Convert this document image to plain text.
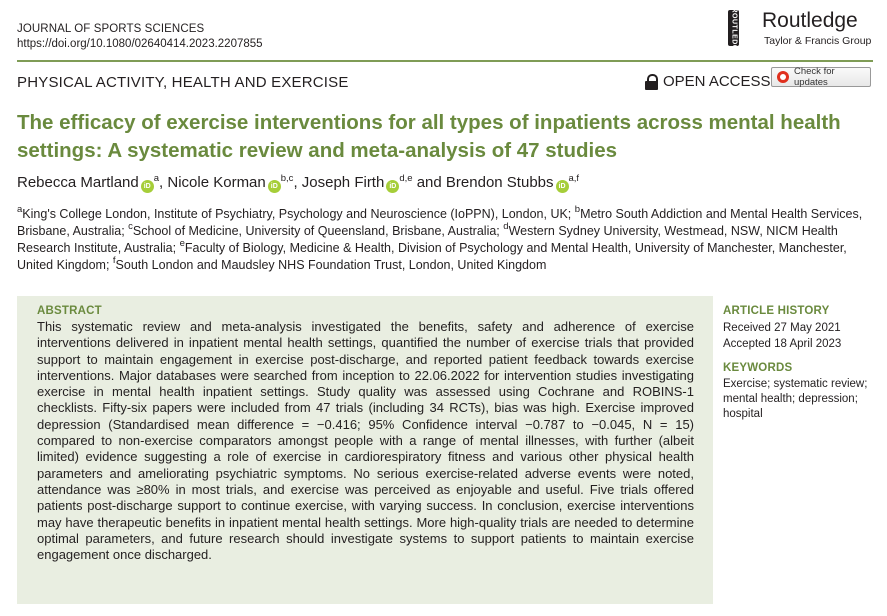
JOURNAL OF SPORTS SCIENCES
https://doi.org/10.1080/02640414.2023.2207855	ROUTLEDGE Routledge
Taylor & Francis Group
PHYSICAL ACTIVITY, HEALTH AND EXERCISE	OPEN ACCESS
Check for updates
The efficacy of exercise interventions for all types of inpatients across mental health settings: A systematic review and meta-analysis of 47 studies
Rebecca Martland $iD^a$, Nicole Korman iD$^{b,c}$, Joseph Firth iD$^{d,e}$ and Brendon Stubbs iD$^{a,f}$
$^a$King's College London, Institute of Psychiatry, Psychology and Neuroscience (IoPPN), London, UK; $^b$Metro South Addiction and Mental Health Services, Brisbane, Australia; $^c$School of Medicine, University of Queensland, Brisbane, Australia; $^d$Western Sydney University, Westmead, NSW, NICM Health Research Institute, Australia; $^e$Faculty of Biology, Medicine & Health, Division of Psychology and Mental Health, University of Manchester, Manchester, United Kingdom; $^f$South London and Maudsley NHS Foundation Trust, London, United Kingdom
ABSTRACT
This systematic review and meta-analysis investigated the benefits, safety and adherence of exercise interventions delivered in inpatient mental health settings, quantified the number of exercise trials that provided support to maintain engagement in exercise post-discharge, and reported patient feedback towards exercise interventions. Major databases were searched from inception to 22.06.2022 for intervention studies investigating exercise in mental health inpatient settings. Study quality was assessed using Cochrane and ROBINS-1 checklists. Fifty-six papers were included from 47 trials (including 34 RCTs), bias was high. Exercise improved depression (Standardised mean difference = −0.416; 95% Confidence interval −0.787 to −0.045, N = 15) compared to non-exercise comparators amongst people with a range of mental illnesses, with further (albeit limited) evidence suggesting a role of exercise in cardiorespiratory fitness and various other physical health parameters and ameliorating psychiatric symptoms. No serious exercise-related adverse events were noted, attendance was ≥80% in most trials, and exercise was perceived as enjoyable and useful. Five trials offered patients post-discharge support to continue exercise, with varying success. In conclusion, exercise interventions may have therapeutic benefits in inpatient mental health settings. More high-quality trials are needed to determine optimal parameters, and future research should investigate systems to support patients to maintain exercise engagement once discharged.
ARTICLE HISTORY
Received 27 May 2021
Accepted 18 April 2023
KEYWORDS
Exercise; systematic review; mental health; depression; hospital
